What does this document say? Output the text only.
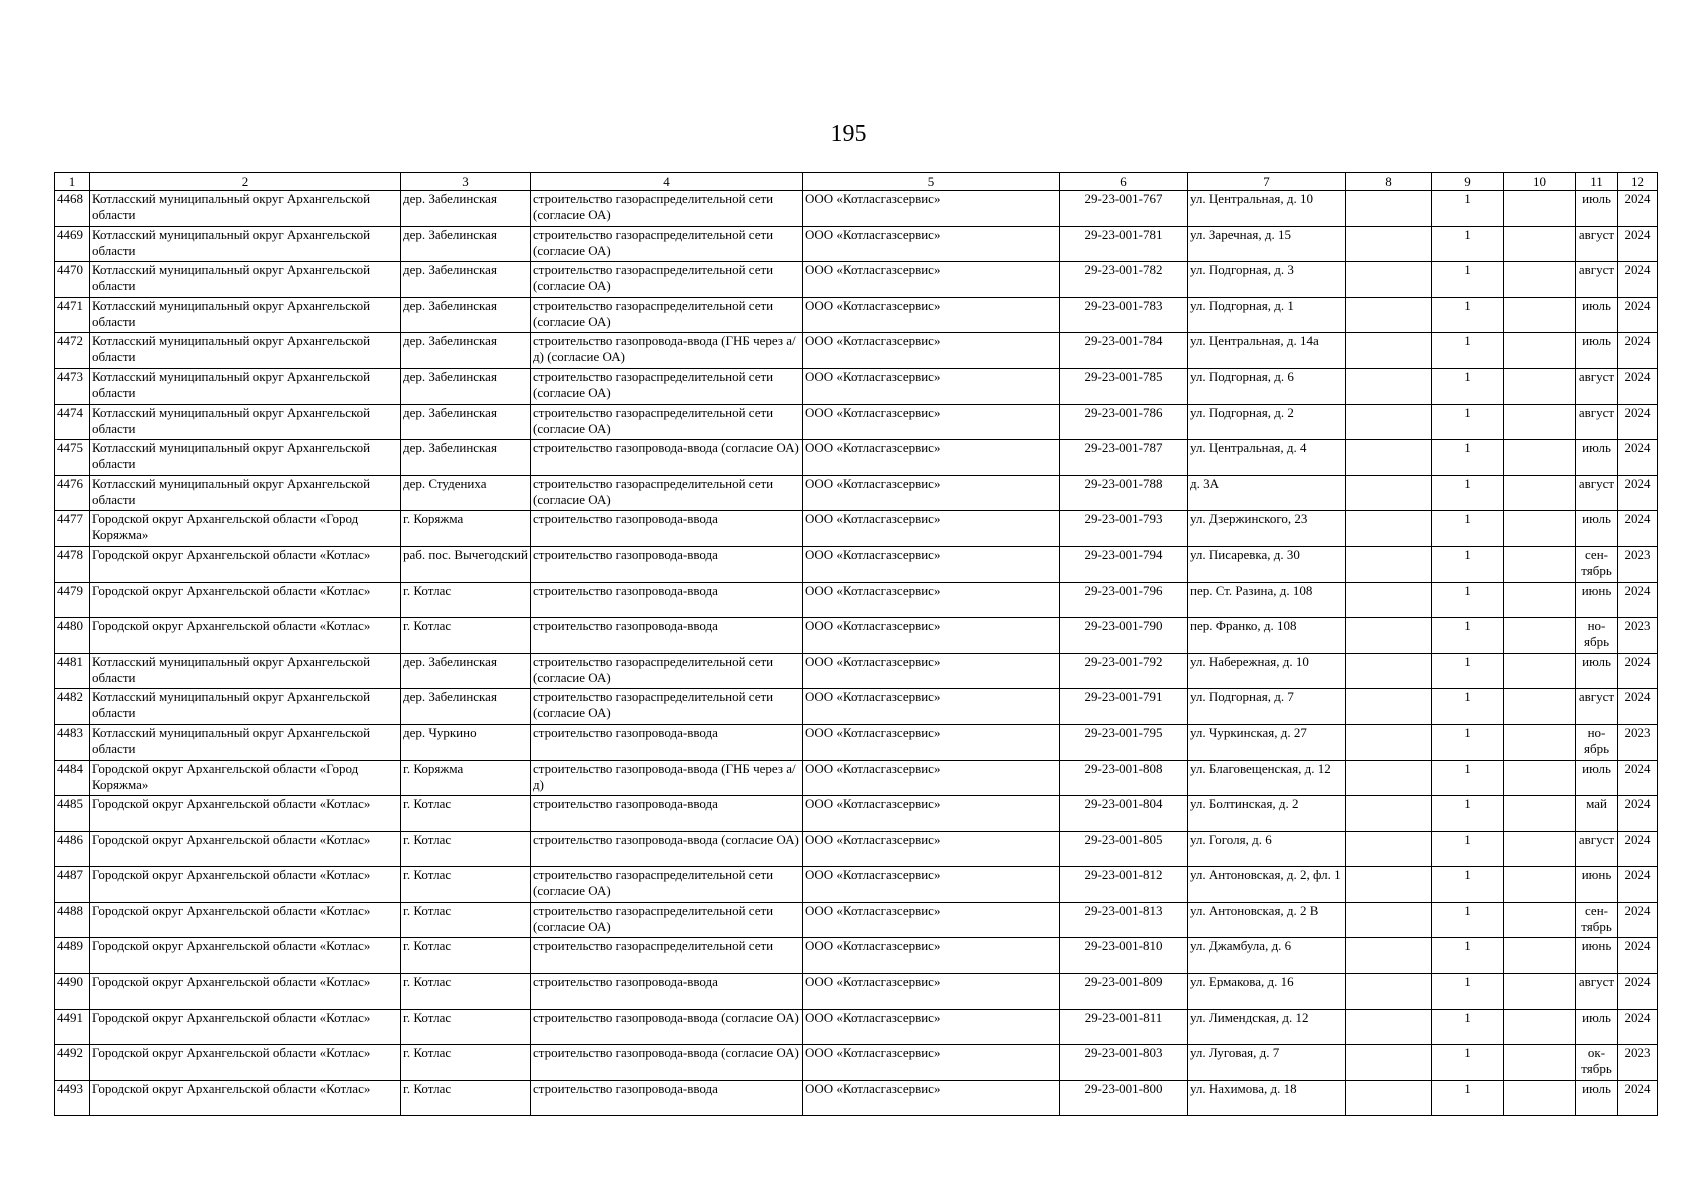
195
1	2	3	4	5	6	7	8	9	10	11	12
4468	Котласский муниципальный округ Архангельской области	дер. Забелинская	строительство газораспределительной сети (согласие ОА)	ООО «Котласгазсервис»	29-23-001-767	ул. Центральная, д. 10		1		июль	2024
4469	Котласский муниципальный округ Архангельской области	дер. Забелинская	строительство газораспределительной сети (согласие ОА)	ООО «Котласгазсервис»	29-23-001-781	ул. Заречная, д. 15		1		август	2024
4470	Котласский муниципальный округ Архангельской области	дер. Забелинская	строительство газораспределительной сети (согласие ОА)	ООО «Котласгазсервис»	29-23-001-782	ул. Подгорная, д. 3		1		август	2024
4471	Котласский муниципальный округ Архангельской области	дер. Забелинская	строительство газораспределительной сети (согласие ОА)	ООО «Котласгазсервис»	29-23-001-783	ул. Подгорная, д. 1		1		июль	2024
4472	Котласский муниципальный округ Архангельской области	дер. Забелинская	строительство газопровода-ввода (ГНБ через а/д) (согласие ОА)	ООО «Котласгазсервис»	29-23-001-784	ул. Центральная, д. 14а		1		июль	2024
4473	Котласский муниципальный округ Архангельской области	дер. Забелинская	строительство газораспределительной сети (согласие ОА)	ООО «Котласгазсервис»	29-23-001-785	ул. Подгорная, д. 6		1		август	2024
4474	Котласский муниципальный округ Архангельской области	дер. Забелинская	строительство газораспределительной сети (согласие ОА)	ООО «Котласгазсервис»	29-23-001-786	ул. Подгорная, д. 2		1		август	2024
4475	Котласский муниципальный округ Архангельской области	дер. Забелинская	строительство газопровода-ввода (согласие ОА)	ООО «Котласгазсервис»	29-23-001-787	ул. Центральная, д. 4		1		июль	2024
4476	Котласский муниципальный округ Архангельской области	дер. Студениха	строительство газораспределительной сети (согласие ОА)	ООО «Котласгазсервис»	29-23-001-788	д. 3А		1		август	2024
4477	Городской округ Архангельской области «Город Коряжма»	г. Коряжма	строительство газопровода-ввода	ООО «Котласгазсервис»	29-23-001-793	ул. Дзержинского, 23		1		июль	2024
4478	Городской округ Архангельской области «Котлас»	раб. пос. Вычегодский	строительство газопровода-ввода	ООО «Котласгазсервис»	29-23-001-794	ул. Писаревка, д. 30		1		сен-тябрь	2023
4479	Городской округ Архангельской области «Котлас»	г. Котлас	строительство газопровода-ввода	ООО «Котласгазсервис»	29-23-001-796	пер. Ст. Разина, д. 108		1		июнь	2024
4480	Городской округ Архангельской области «Котлас»	г. Котлас	строительство газопровода-ввода	ООО «Котласгазсервис»	29-23-001-790	пер. Франко, д. 108		1		но-ябрь	2023
4481	Котласский муниципальный округ Архангельской области	дер. Забелинская	строительство газораспределительной сети (согласие ОА)	ООО «Котласгазсервис»	29-23-001-792	ул. Набережная, д. 10		1		июль	2024
4482	Котласский муниципальный округ Архангельской области	дер. Забелинская	строительство газораспределительной сети (согласие ОА)	ООО «Котласгазсервис»	29-23-001-791	ул. Подгорная, д. 7		1		август	2024
4483	Котласский муниципальный округ Архангельской области	дер. Чуркино	строительство газопровода-ввода	ООО «Котласгазсервис»	29-23-001-795	ул. Чуркинская, д. 27		1		но-ябрь	2023
4484	Городской округ Архангельской области «Город Коряжма»	г. Коряжма	строительство газопровода-ввода (ГНБ через а/д)	ООО «Котласгазсервис»	29-23-001-808	ул. Благовещенская, д. 12		1		июль	2024
4485	Городской округ Архангельской области «Котлас»	г. Котлас	строительство газопровода-ввода	ООО «Котласгазсервис»	29-23-001-804	ул. Болтинская, д. 2		1		май	2024
4486	Городской округ Архангельской области «Котлас»	г. Котлас	строительство газопровода-ввода (согласие ОА)	ООО «Котласгазсервис»	29-23-001-805	ул. Гоголя, д. 6		1		август	2024
4487	Городской округ Архангельской области «Котлас»	г. Котлас	строительство газораспределительной сети (согласие ОА)	ООО «Котласгазсервис»	29-23-001-812	ул. Антоновская, д. 2, фл. 1		1		июнь	2024
4488	Городской округ Архангельской области «Котлас»	г. Котлас	строительство газораспределительной сети (согласие ОА)	ООО «Котласгазсервис»	29-23-001-813	ул. Антоновская, д. 2 В		1		сен-тябрь	2024
4489	Городской округ Архангельской области «Котлас»	г. Котлас	строительство газораспределительной сети	ООО «Котласгазсервис»	29-23-001-810	ул. Джамбула, д. 6		1		июнь	2024
4490	Городской округ Архангельской области «Котлас»	г. Котлас	строительство газопровода-ввода	ООО «Котласгазсервис»	29-23-001-809	ул. Ермакова, д. 16		1		август	2024
4491	Городской округ Архангельской области «Котлас»	г. Котлас	строительство газопровода-ввода (согласие ОА)	ООО «Котласгазсервис»	29-23-001-811	ул. Лимендская, д. 12		1		июль	2024
4492	Городской округ Архангельской области «Котлас»	г. Котлас	строительство газопровода-ввода (согласие ОА)	ООО «Котласгазсервис»	29-23-001-803	ул. Луговая, д. 7		1		ок-тябрь	2023
4493	Городской округ Архангельской области «Котлас»	г. Котлас	строительство газопровода-ввода	ООО «Котласгазсервис»	29-23-001-800	ул. Нахимова, д. 18		1		июль	2024
